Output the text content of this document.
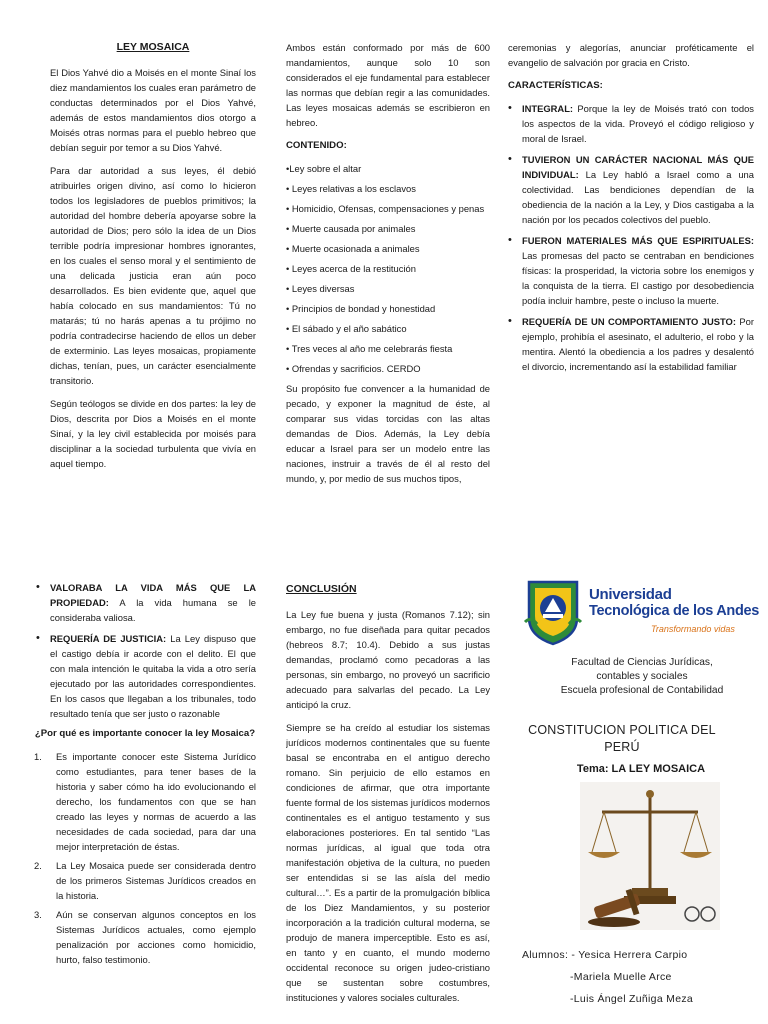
LEY MOSAICA

El Dios Yahvé dio a Moisés en el monte Sinaí los diez mandamientos los cuales eran parámetro de conductas determinados por el Dios Yahvé, además de estos mandamientos dios otorgo a Moisés otras normas para el pueblo hebreo que debían seguir por temor a su Dios Yahvé.

Para dar autoridad a sus leyes, él debió atribuirles origen divino, así como lo hicieron todos los legisladores de pueblos primitivos; la autoridad del hombre debería apoyarse sobre la autoridad de Dios; pero sólo la idea de un Dios terrible podría impresionar hombres ignorantes, en los cuales el senso moral y el sentimiento de una delicada justicia eran aún poco desarrollados. Es bien evidente que, aquel que había colocado en sus mandamientos: Tú no matarás; tú no harás apenas a tu prójimo no podría contradecirse haciendo de ellos un deber de exterminio. Las leyes mosaicas, propiamente dichas, tenían, pues, un carácter esencialmente transitorio.

Según teólogos se divide en dos partes: la ley de Dios, descrita por Dios a Moisés en el monte Sinaí, y la ley civil establecida por moisés para disciplinar a la sociedad turbulenta que vivía en aquel tiempo.

Ambos están conformado por más de 600 mandamientos, aunque solo 10 son considerados el eje fundamental para establecer las normas que debían regir a las comunidades. Las leyes mosaicas además se escribieron en hebreo.

CONTENIDO:
•Ley sobre el altar
• Leyes relativas a los esclavos
• Homicidio, Ofensas, compensaciones y penas
• Muerte causada por animales
• Muerte ocasionada a animales
• Leyes acerca de la restitución
• Leyes diversas
• Principios de bondad y honestidad
• El sábado y el año sabático
• Tres veces al año me celebrarás fiesta
• Ofrendas y sacrificios. CERDO

Su propósito fue convencer a la humanidad de pecado, y exponer la magnitud de éste, al comparar sus vidas torcidas con las altas demandas de Dios. Además, la Ley debía educar a Israel para ser un modelo entre las naciones, instruir a través de él al resto del mundo, y, por medio de sus muchos tipos,

ceremonias y alegorías, anunciar proféticamente el evangelio de salvación por gracia en Cristo.

CARACTERÍSTICAS:
• INTEGRAL: Porque la ley de Moisés trató con todos los aspectos de la vida. Proveyó el código religioso y moral de Israel.
• TUVIERON UN CARÁCTER NACIONAL MÁS QUE INDIVIDUAL: La Ley habló a Israel como a una colectividad. Las bendiciones dependían de la obediencia de la nación a la Ley, y Dios castigaba a la nación por los pecados colectivos del pueblo.
• FUERON MATERIALES MÁS QUE ESPIRITUALES: Las promesas del pacto se centraban en bendiciones físicas: la prosperidad, la victoria sobre los enemigos y la conquista de la tierra. El castigo por desobediencia podía incluir hambre, peste o incluso la muerte.
• REQUERÍA DE UN COMPORTAMIENTO JUSTO: Por ejemplo, prohibía el asesinato, el adulterio, el robo y la mentira. Alentó la obediencia a los padres y desalentó el divorcio, incrementando así la estabilidad familiar
• VALORABA LA VIDA MÁS QUE LA PROPIEDAD: A la vida humana se le consideraba valiosa.
• REQUERÍA DE JUSTICIA: La Ley dispuso que el castigo debía ir acorde con el delito. El que con mala intención le quitaba la vida a otro sería ejecutado por las autoridades correspondientes. En los casos que llegaban a los tribunales, todo resultado tenía que ser justo o razonable
¿Por qué es importante conocer la ley Mosaica?
1. Es importante conocer este Sistema Jurídico como estudiantes, para tener bases de la historia y saber cómo ha ido evolucionando el derecho, los fundamentos con que se han creado las leyes y normas de acuerdo a las necesidades de cada sociedad, para dar una mejor interpretación de éstas.
2. La Ley Mosaica puede ser considerada dentro de los primeros Sistemas Jurídicos creados en la historia.
3. Aún se conservan algunos conceptos en los Sistemas Jurídicos actuales, como ejemplo penalización por acciones como homicidio, hurto, falso testimonio.
CONCLUSIÓN

La Ley fue buena y justa (Romanos 7.12); sin embargo, no fue diseñada para quitar pecados (hebreos 8.7; 10.4). Debido a sus justas demandas, proclamó como pecadoras a las personas, sin embargo, no proveyó un sacrificio adecuado para salvarlas del pecado. La Ley anticipó la cruz.

Siempre se ha creído al estudiar los sistemas jurídicos modernos continentales que su fuente basal se encontraba en el antiguo derecho romano. Sin perjuicio de ello estamos en condiciones de afirmar, que otra importante fuente formal de los sistemas jurídicos modernos continentales es el antiguo testamento y sus elaboraciones posteriores. En tal sentido “Las normas jurídicas, al igual que toda otra manifestación objetiva de la cultura, no pueden ser entendidas si se las aísla del medio cultural…”. Es a partir de la promulgación bíblica de los Diez Mandamientos, y su posterior incorporación a la tradición cultural moderna, se produjo de manera imperceptible. Esto es así, en tanto y en cuanto, el mundo moderno occidental reconoce su origen judeo-cristiano que se sustentan sobre costumbres, instituciones y valores sociales culturales.

Universidad
Tecnológica de los Andes
Transformando vidas
Facultad de Ciencias Jurídicas,
contables y sociales
Escuela profesional de Contabilidad
CONSTITUCION POLITICA DEL PERÚ
Tema: LA LEY MOSAICA
Alumnos: - Yesica Herrera Carpio
-Mariela Muelle Arce
-Luis Ángel Zuñiga Meza
